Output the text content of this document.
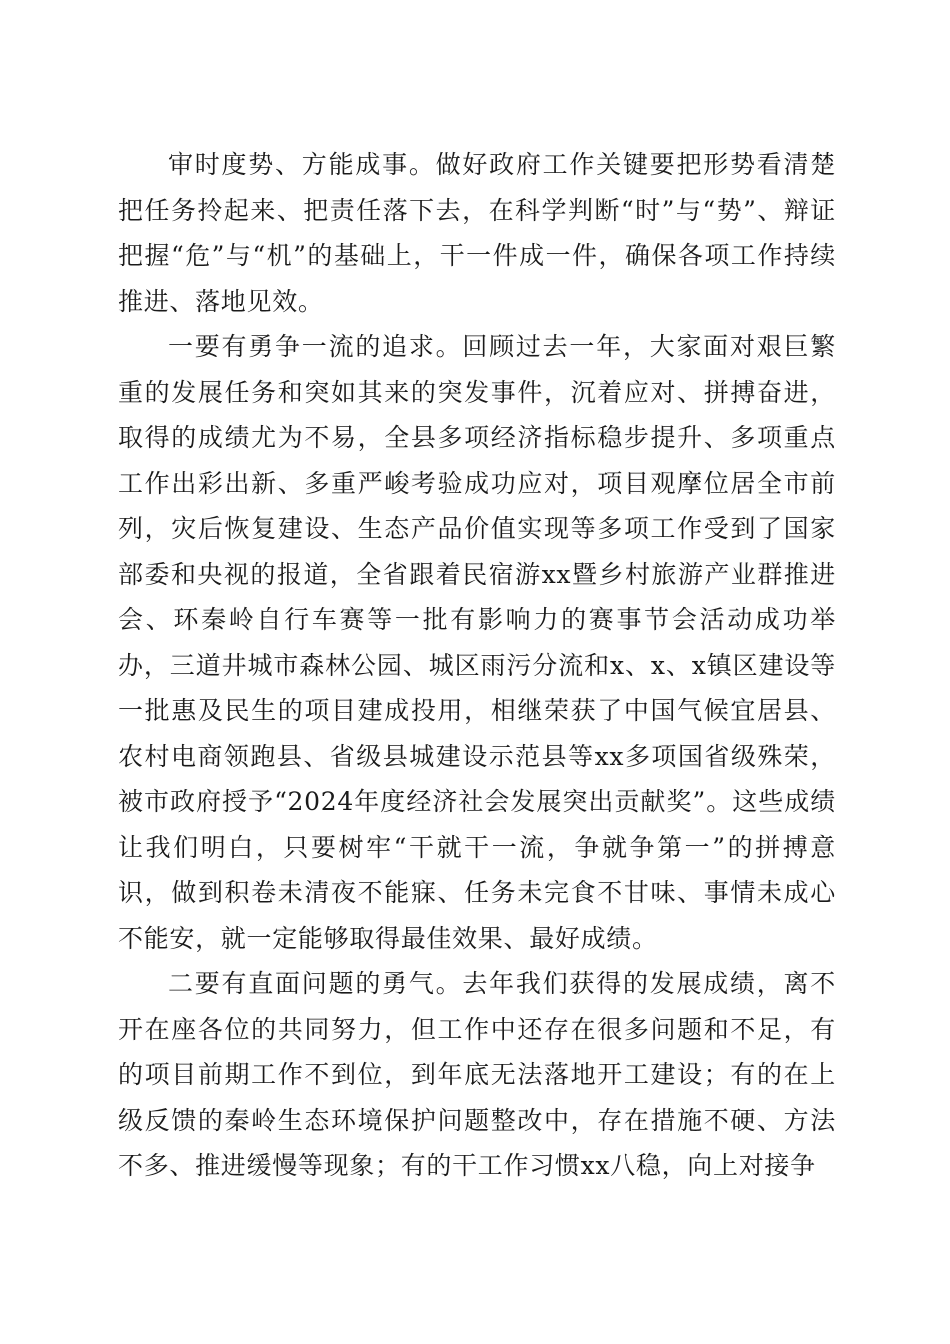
审时度势、方能成事。做好政府工作关键要把形势看清楚把任务拎起来、把责任落下去，在科学判断“时”与“势”、辩证把握“危”与“机”的基础上，干一件成一件，确保各项工作持续推进、落地见效。

一要有勇争一流的追求。回顾过去一年，大家面对艰巨繁重的发展任务和突如其来的突发事件，沉着应对、拼搏奋进，取得的成绩尤为不易，全县多项经济指标稳步提升、多项重点工作出彩出新、多重严峻考验成功应对，项目观摩位居全市前列，灾后恢复建设、生态产品价值实现等多项工作受到了国家部委和央视的报道，全省跟着民宿游xx暨乡村旅游产业群推进会、环秦岭自行车赛等一批有影响力的赛事节会活动成功举办，三道井城市森林公园、城区雨污分流和x、x、x镇区建设等一批惠及民生的项目建成投用，相继荣获了中国气候宜居县、农村电商领跑县、省级县城建设示范县等xx多项国省级殊荣，被市政府授予“2024年度经济社会发展突出贡献奖”。这些成绩让我们明白，只要树牢“干就干一流，争就争第一”的拼搏意识，做到积卷未清夜不能寐、任务未完食不甘味、事情未成心不能安，就一定能够取得最佳效果、最好成绩。

二要有直面问题的勇气。去年我们获得的发展成绩，离不开在座各位的共同努力，但工作中还存在很多问题和不足，有的项目前期工作不到位，到年底无法落地开工建设；有的在上级反馈的秦岭生态环境保护问题整改中，存在措施不硬、方法不多、推进缓慢等现象；有的干工作习惯xx八稳，向上对接争
